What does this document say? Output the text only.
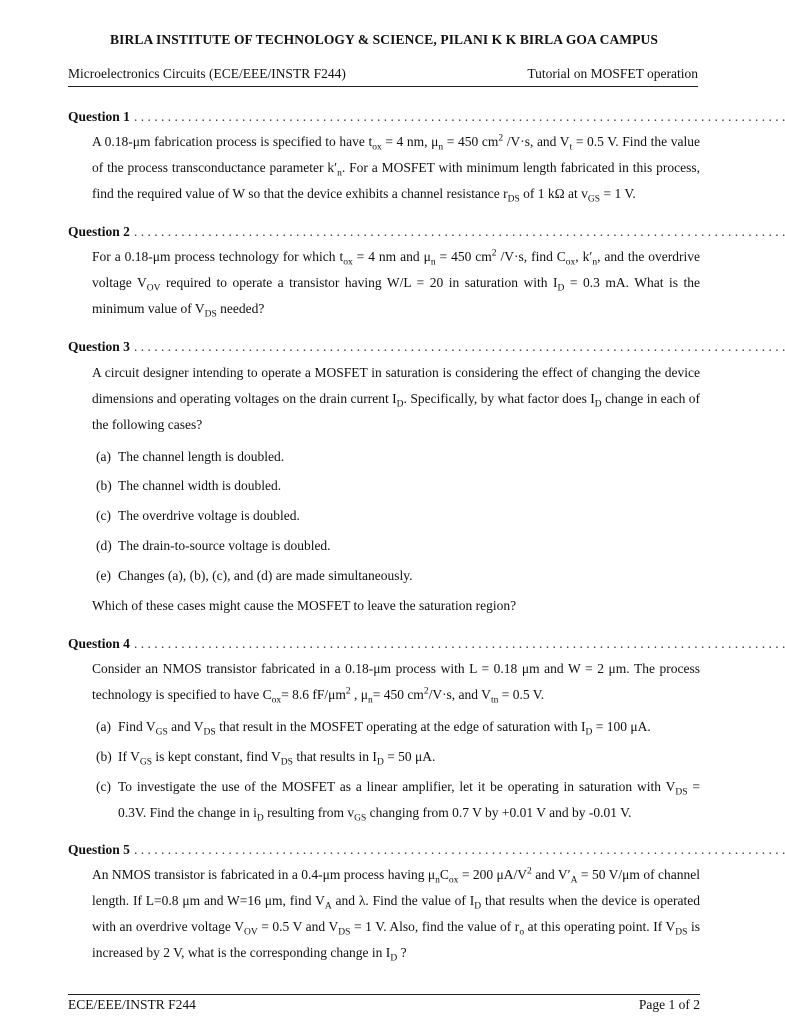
BIRLA INSTITUTE OF TECHNOLOGY & SCIENCE, PILANI K K BIRLA GOA CAMPUS
Microelectronics Circuits (ECE/EEE/INSTR F244)	Tutorial on MOSFET operation
Question 1 . . . . . . . . . . . . . . . . . . . . . . . . . . . . . . . . . . . . . . . . . . . . . . . . . . . . . . . . . . . . . . . . . . . . . . . . . . . . . . . . . . . . . . . . . . . . . . . . .
A 0.18-μm fabrication process is specified to have $t_{ox} = 4$ nm, $\mu_n = 450$ $cm^2$ /V·s, and $V_t = 0.5$ V. Find the value of the process transconductance parameter $k'_n$. For a MOSFET with minimum length fabricated in this process, find the required value of W so that the device exhibits a channel resistance $r_{DS}$ of 1 kΩ at $v_{GS} = 1$ V.
Question 2 . . . . . . . . . . . . . . . . . . . . . . . . . . . . . . . . . . . . . . . . . . . . . . . . . . . . . . . . . . . . . . . . . . . . . . . . . . . . . . . . . . . . . . . . . . . . . . . . .
For a 0.18-μm process technology for which $t_{ox} = 4$ nm and $\mu_n = 450$ $cm^2$ /V·s, find $C_{ox}$, $k'_n$, and the overdrive voltage $V_{OV}$ required to operate a transistor having W/L = 20 in saturation with $I_D = 0.3$ mA. What is the minimum value of $V_{DS}$ needed?
Question 3 . . . . . . . . . . . . . . . . . . . . . . . . . . . . . . . . . . . . . . . . . . . . . . . . . . . . . . . . . . . . . . . . . . . . . . . . . . . . . . . . . . . . . . . . . . . . . . . . .
A circuit designer intending to operate a MOSFET in saturation is considering the effect of changing the device dimensions and operating voltages on the drain current $I_D$. Specifically, by what factor does $I_D$ change in each of the following cases?
(a) The channel length is doubled.
(b) The channel width is doubled.
(c) The overdrive voltage is doubled.
(d) The drain-to-source voltage is doubled.
(e) Changes (a), (b), (c), and (d) are made simultaneously.
Which of these cases might cause the MOSFET to leave the saturation region?
Question 4 . . . . . . . . . . . . . . . . . . . . . . . . . . . . . . . . . . . . . . . . . . . . . . . . . . . . . . . . . . . . . . . . . . . . . . . . . . . . . . . . . . . . . . . . . . . . . . . . .
Consider an NMOS transistor fabricated in a 0.18-μm process with L = 0.18 μm and W = 2 μm. The process technology is specified to have $C_{ox}= 8.6$ $fF/\mu m^2$ , $\mu_n= 450$ $cm^2/V\cdot s$, and $V_{tn} = 0.5$ V.
(a) Find $V_{GS}$ and $V_{DS}$ that result in the MOSFET operating at the edge of saturation with $I_D = 100$ μA.
(b) If $V_{GS}$ is kept constant, find $V_{DS}$ that results in $I_D = 50$ μA.
(c) To investigate the use of the MOSFET as a linear amplifier, let it be operating in saturation with $V_{DS} = 0.3V$. Find the change in $i_D$ resulting from $v_{GS}$ changing from 0.7 V by +0.01 V and by -0.01 V.
Question 5 . . . . . . . . . . . . . . . . . . . . . . . . . . . . . . . . . . . . . . . . . . . . . . . . . . . . . . . . . . . . . . . . . . . . . . . . . . . . . . . . . . . . . . . . . . . . . . . . .
An NMOS transistor is fabricated in a 0.4-μm process having $\mu_nC_{ox} = 200$ $\mu A/V^2$ and $V'_A = 50$ V/μm of channel length. If L=0.8 μm and W=16 μm, find $V_A$ and λ. Find the value of $I_D$ that results when the device is operated with an overdrive voltage $V_{OV} = 0.5$ V and $V_{DS} = 1$ V. Also, find the value of $r_o$ at this operating point. If $V_{DS}$ is increased by 2 V, what is the corresponding change in $I_D$ ?
ECE/EEE/INSTR F244	Page 1 of 2
